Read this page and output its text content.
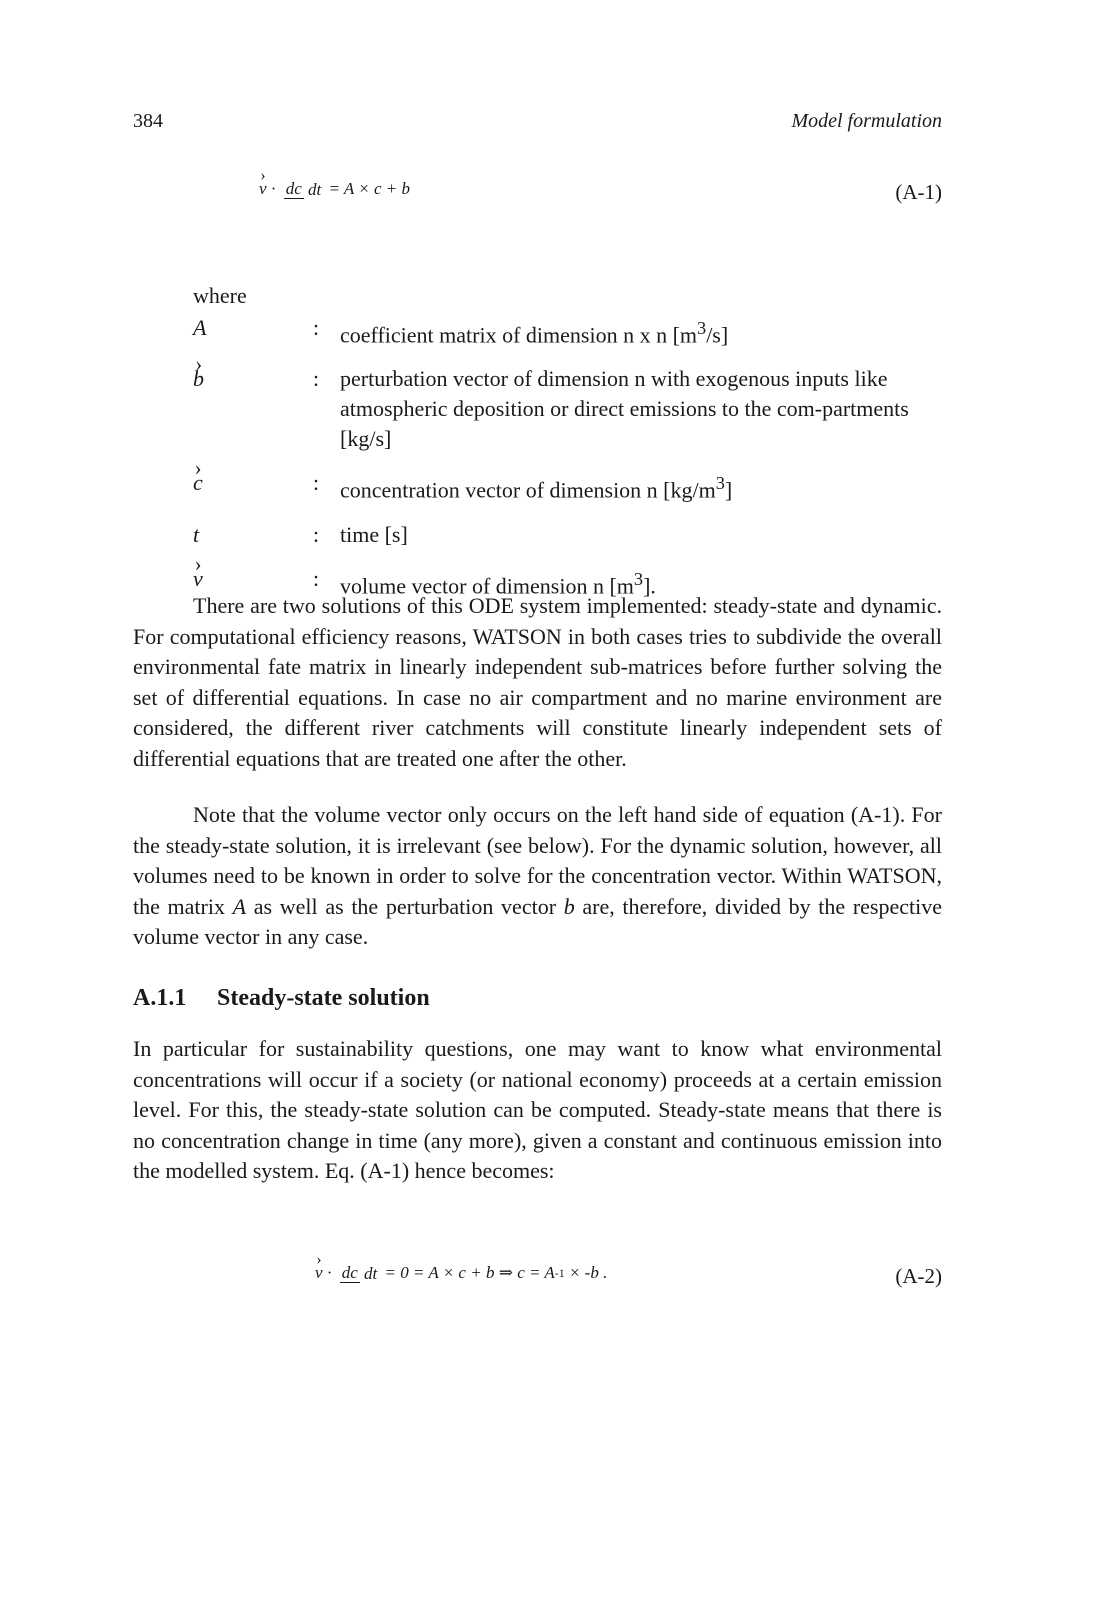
384	Model formulation
› v · dc dt = A × c + b	(A-1)
where
A	: coefficient matrix of dimension n x n $[m^3/s]$
› b	: perturbation vector of dimension n with exogenous inputs like atmospheric deposition or direct emissions to the com-partments [kg/s]
› c	: concentration vector of dimension n $[kg/m^3]$
t	: time [s]
› v	: volume vector of dimension n $[m^3]$.

There are two solutions of this ODE system implemented: steady-state and dynamic. For computational efficiency reasons, WATSON in both cases tries to subdivide the overall environmental fate matrix in linearly independent sub-matrices before further solving the set of differential equations. In case no air compartment and no marine environment are considered, the different river catchments will constitute linearly independent sets of differential equations that are treated one after the other.

Note that the volume vector only occurs on the left hand side of equation (A-1). For the steady-state solution, it is irrelevant (see below). For the dynamic solution, however, all volumes need to be known in order to solve for the concentration vector. Within WATSON, the matrix A as well as the perturbation vector b are, therefore, divided by the respective volume vector in any case.

A.1.1 Steady-state solution

In particular for sustainability questions, one may want to know what environmental concentrations will occur if a society (or national economy) proceeds at a certain emission level. For this, the steady-state solution can be computed. Steady-state means that there is no concentration change in time (any more), given a constant and continuous emission into the modelled system. Eq. (A-1) hence becomes:

› v · dc dt = 0 = A × c + b ⇒ c = A-1 × -b .	(A-2)
